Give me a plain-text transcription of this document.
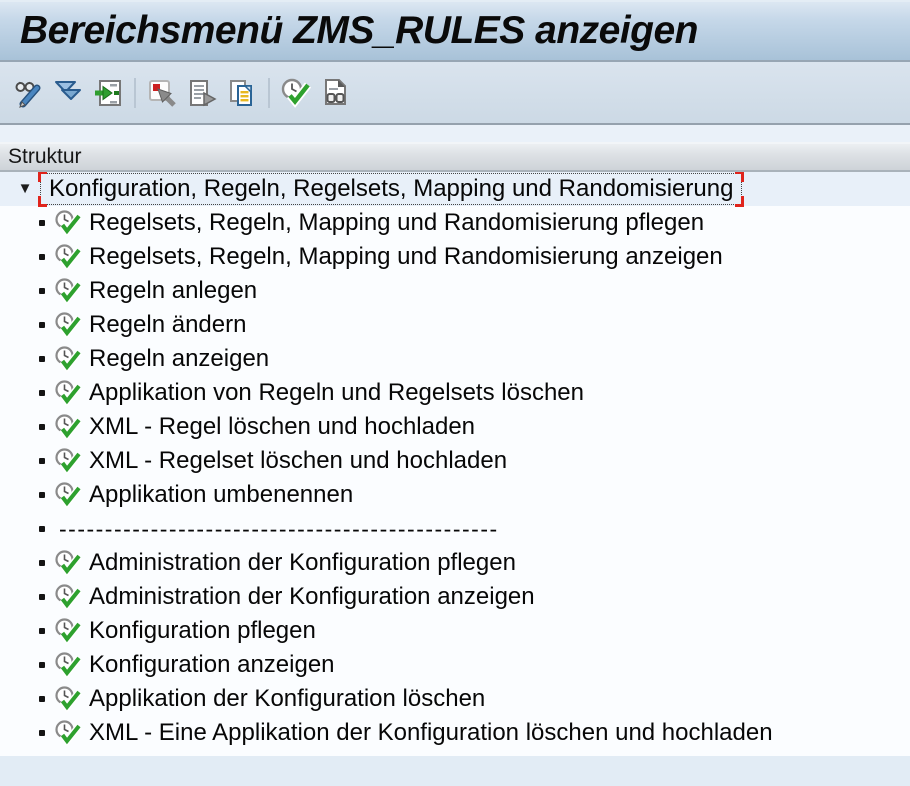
Bereichsmenü ZMS_RULES anzeigen
Struktur
▼ Konfiguration, Regeln, Regelsets, Mapping und Randomisierung
Regelsets, Regeln, Mapping und Randomisierung pflegen
Regelsets, Regeln, Mapping und Randomisierung anzeigen
Regeln anlegen
Regeln ändern
Regeln anzeigen
Applikation von Regeln und Regelsets löschen
XML - Regel löschen und hochladen
XML - Regelset löschen und hochladen
Applikation umbenennen
------------------------------------------------
Administration der Konfiguration pflegen
Administration der Konfiguration anzeigen
Konfiguration pflegen
Konfiguration anzeigen
Applikation der Konfiguration löschen
XML - Eine Applikation der Konfiguration löschen und hochladen
